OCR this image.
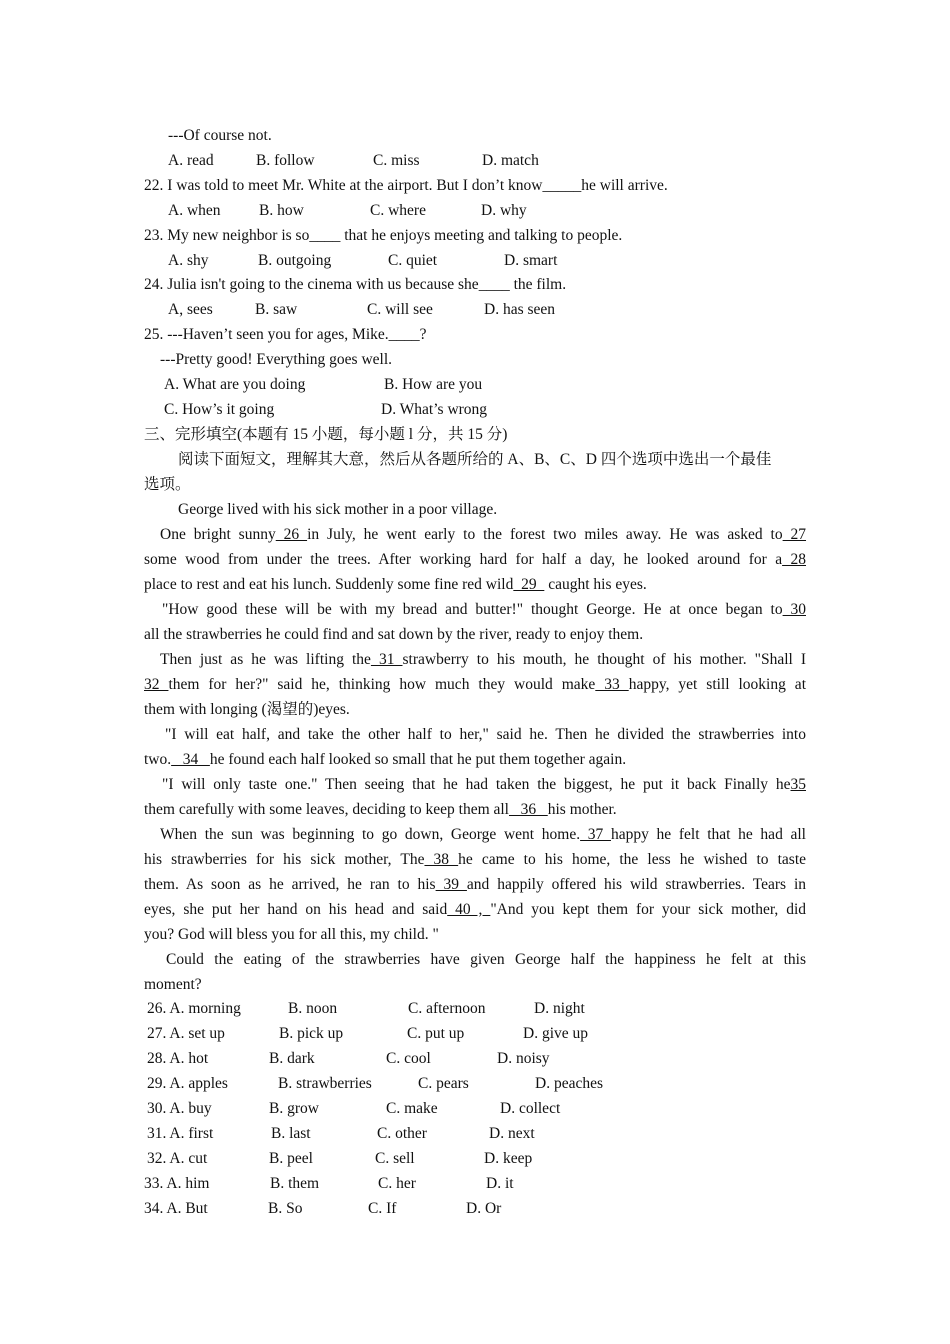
---Of course not.
A. read	B. follow	C. miss	D. match
22. I was told to meet Mr. White at the airport. But I don’t know_____he will arrive.
A. when B. how	C. where	D. why
23. My new neighbor is so____ that he enjoys meeting and talking to people.
A. shy	B. outgoing	C. quiet	D. smart
24. Julia isn't going to the cinema with us because she____ the film.
A, sees	B. saw	C. will see	D. has seen
25. ---Haven’t seen you for ages, Mike.____?
---Pretty good! Everything goes well.
A. What are you doing	B. How are you
C. How’s it going	D. What’s wrong
三、完形填空(本题有 15 小题，每小题 l 分，共 15 分)
阅读下面短文，理解其大意，然后从各题所给的 A、B、C、D 四个选项中选出一个最佳
选项。
George lived with his sick mother in a poor village.
One bright sunny 26 in July, he went early to the forest two miles away. He was asked to 27
some wood from under the trees. After working hard for half a day, he looked around for a 28
place to rest and eat his lunch. Suddenly some fine red wild  29   caught his eyes.
"How good these will be with my bread and butter!" thought George. He at once began to 30
all the strawberries he could find and sat down by the river, ready to enjoy them.
Then just as he was lifting the 31 strawberry to his mouth, he thought of his mother. "Shall I
32 them for her?" said he, thinking how much they would make 33 happy, yet still looking at
them with longing (渴望的)eyes.
"I will eat half, and take the other half to her," said he. Then he divided the strawberries into
two.   34   he found each half looked so small that he put them together again.
"I will only taste one." Then seeing that he had taken the biggest, he put it back Finally he35
them carefully with some leaves, deciding to keep them all   36   his mother.
When the sun was beginning to go down, George went home. 37 happy he felt that he had all
his strawberries for his sick mother, The 38 he came to his home, the less he wished to taste
them. As soon as he arrived, he ran to his 39 and happily offered his wild strawberries. Tears in
eyes, she put her hand on his head and said 40 , "And you kept them for your sick mother, did
you? God will bless you for all this, my child. "
Could the eating of the strawberries have given George half the happiness he felt at this
moment?
26. A. morning	B. noon	C. afternoon	D. night
27. A. set up	B. pick up	C. put up	D. give up
28. A. hot	B. dark	C. cool	D. noisy
29. A. apples	B. strawberries	C. pears	D. peaches
30. A. buy	B. grow	C. make	D. collect
31. A. first	B. last	C. other	D. next
32. A. cut	B. peel	C. sell	D. keep
33. A. him	B. them	C. her	D. it
34. A. But	B. So	C. If	D. Or
